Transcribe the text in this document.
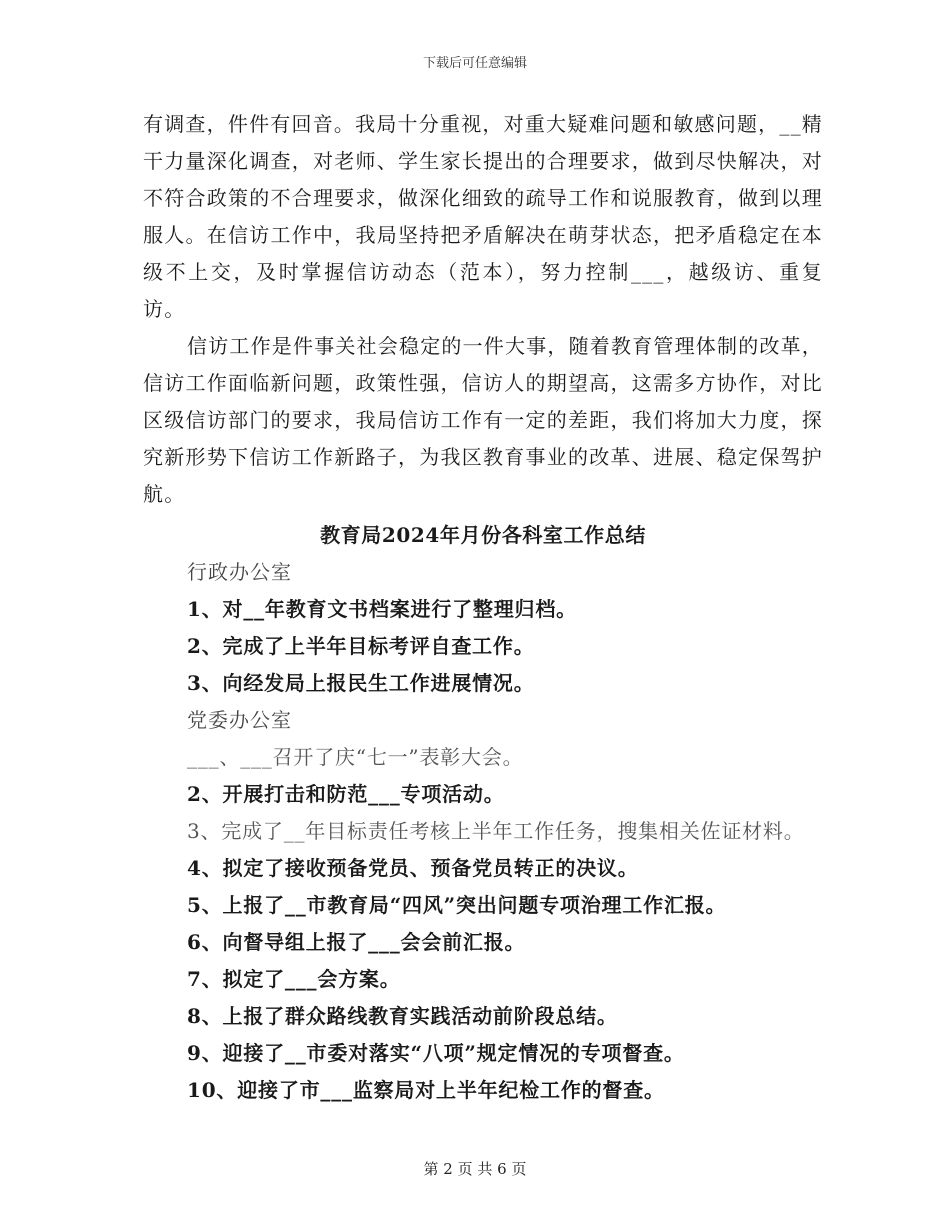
下载后可任意编辑

有调查，件件有回音。我局十分重视，对重大疑难问题和敏感问题，__精干力量深化调查，对老师、学生家长提出的合理要求，做到尽快解决，对不符合政策的不合理要求，做深化细致的疏导工作和说服教育，做到以理服人。在信访工作中，我局坚持把矛盾解决在萌芽状态，把矛盾稳定在本级不上交，及时掌握信访动态（范本），努力控制___，越级访、重复访。

信访工作是件事关社会稳定的一件大事，随着教育管理体制的改革，信访工作面临新问题，政策性强，信访人的期望高，这需多方协作，对比区级信访部门的要求，我局信访工作有一定的差距，我们将加大力度，探究新形势下信访工作新路子，为我区教育事业的改革、进展、稳定保驾护航。

教育局2024年月份各科室工作总结
行政办公室
1、对__年教育文书档案进行了整理归档。
2、完成了上半年目标考评自查工作。
3、向经发局上报民生工作进展情况。
党委办公室
___、___召开了庆“七一”表彰大会。
2、开展打击和防范___专项活动。
3、完成了__年目标责任考核上半年工作任务，搜集相关佐证材料。
4、拟定了接收预备党员、预备党员转正的决议。
5、上报了__市教育局“四风”突出问题专项治理工作汇报。
6、向督导组上报了___会会前汇报。
7、拟定了___会方案。
8、上报了群众路线教育实践活动前阶段总结。
9、迎接了__市委对落实“八项”规定情况的专项督查。
10、迎接了市___监察局对上半年纪检工作的督查。
第 2 页 共 6 页
